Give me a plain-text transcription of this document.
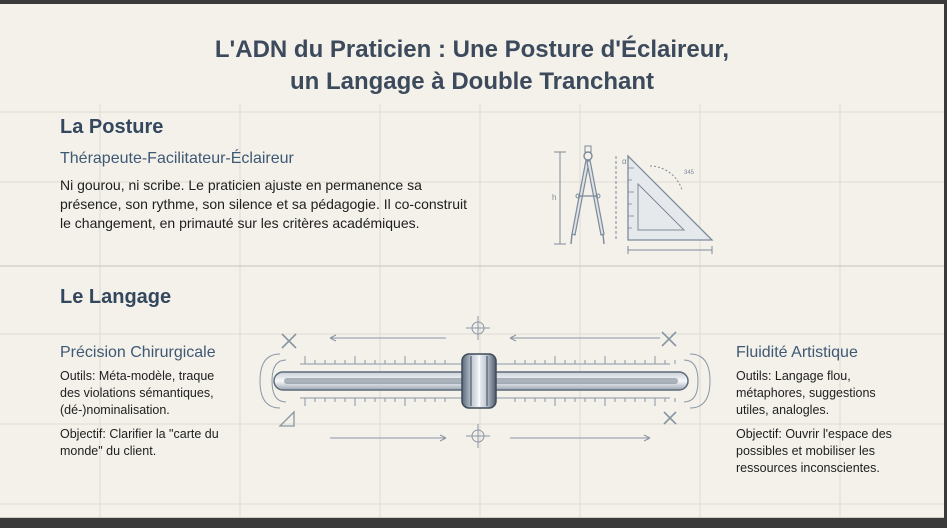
L'ADN du Praticien : Une Posture d'Éclaireur,
un Langage à Double Tranchant
La Posture
Thérapeute-Facilitateur-Éclaireur
Ni gourou, ni scribe. Le praticien ajuste en permanence sa
présence, son rythme, son silence et sa pédagogie. Il co-construit
le changement, en primauté sur les critères académiques.
h
α
345
Le Langage
Précision Chirurgicale
Outils: Méta-modèle, traque
des violations sémantiques,
(dé-)nominalisation.
Objectif: Clarifier la "carte du
monde" du client.
Fluidité Artistique
Outils: Langage flou,
métaphores, suggestions
utiles, analogles.
Objectif: Ouvrir l'espace des
possibles et mobiliser les
ressources inconscientes.
